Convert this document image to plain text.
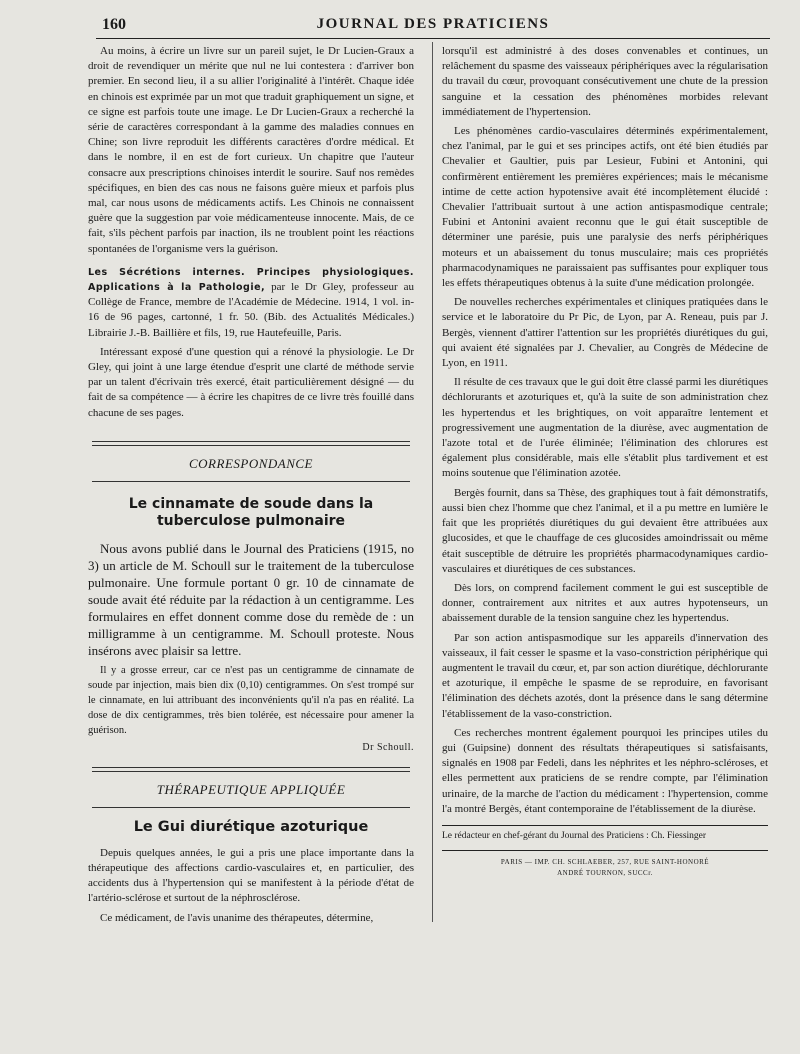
160	JOURNAL DES PRATICIENS

Au moins, à écrire un livre sur un pareil sujet, le Dr Lucien-Graux a droit de revendiquer un mérite que nul ne lui contestera : d'arriver bon premier. En second lieu, il a su allier l'originalité à l'intérêt. Chaque idée en chinois est exprimée par un mot que traduit graphiquement un signe, et ce signe est parfois toute une image. Le Dr Lucien-Graux a recherché la série de caractères correspondant à la gamme des maladies connues en Chine; son livre reproduit les différents caractères d'ordre médical. Et dans le nombre, il en est de fort curieux. Un chapitre que l'auteur consacre aux prescriptions chinoises interdit le sourire. Sauf nos remèdes spécifiques, en bien des cas nous ne faisons guère mieux et parfois plus mal, car nous usons de médicaments actifs. Les Chinois ne connaissent guère que la suggestion par voie médicamenteuse innocente. Mais, de ce fait, s'ils pèchent parfois par inaction, ils ne troublent point les réactions spontanées de l'organisme vers la guérison.

Les Sécrétions internes. Principes physiologiques. Applications à la Pathologie, par le Dr Gley, professeur au Collège de France, membre de l'Académie de Médecine. 1914, 1 vol. in-16 de 96 pages, cartonné, 1 fr. 50. (Bib. des Actualités Médicales.) Librairie J.-B. Baillière et fils, 19, rue Hautefeuille, Paris.

Intéressant exposé d'une question qui a rénové la physiologie. Le Dr Gley, qui joint à une large étendue d'esprit une clarté de méthode servie par un talent d'écrivain très exercé, était particulièrement désigné — du fait de sa compétence — à écrire les chapitres de ce livre très fouillé dans chacune de ses pages.

CORRESPONDANCE
Le cinnamate de soude dans la tuberculose pulmonaire

Nous avons publié dans le Journal des Praticiens (1915, no 3) un article de M. Schoull sur le traitement de la tuberculose pulmonaire. Une formule portant 0 gr. 10 de cinnamate de soude avait été réduite par la rédaction à un centigramme. Les formulaires en effet donnent comme dose du remède de : un milligramme à un centigramme. M. Schoull proteste. Nous insérons avec plaisir sa lettre.

Il y a grosse erreur, car ce n'est pas un centigramme de cinnamate de soude par injection, mais bien dix (0,10) centigrammes. On s'est trompé sur le cinnamate, en lui attribuant des inconvénients qu'il n'a pas en réalité. La dose de dix centigrammes, très bien tolérée, est nécessaire pour amener la guérison.

Dr Schoull.
THÉRAPEUTIQUE APPLIQUÉE
Le Gui diurétique azoturique

Depuis quelques années, le gui a pris une place importante dans la thérapeutique des affections cardio-vasculaires et, en particulier, des accidents dus à l'hypertension qui se manifestent à la période d'état de l'artério-sclérose et surtout de la néphrosclérose.

Ce médicament, de l'avis unanime des thérapeutes, détermine,

lorsqu'il est administré à des doses convenables et continues, un relâchement du spasme des vaisseaux périphériques avec la régularisation du travail du cœur, provoquant consécutivement une chute de la pression sanguine et la cessation des phénomènes morbides relevant immédiatement de l'hypertension.

Les phénomènes cardio-vasculaires déterminés expérimentalement, chez l'animal, par le gui et ses principes actifs, ont été bien étudiés par Chevalier et Gaultier, puis par Lesieur, Fubini et Antonini, qui confirmèrent entièrement les premières expériences; mais le mécanisme intime de cette action hypotensive avait été incomplètement élucidé : Chevalier l'attribuait surtout à une action antispasmodique centrale; Fubini et Antonini avaient reconnu que le gui était susceptible de déterminer une parésie, puis une paralysie des nerfs périphériques moteurs et un abaissement du tonus musculaire; mais ces propriétés pharmacodynamiques ne paraissaient pas suffisantes pour expliquer tous les effets thérapeutiques obtenus à la suite d'une médication prolongée.

De nouvelles recherches expérimentales et cliniques pratiquées dans le service et le laboratoire du Pr Pic, de Lyon, par A. Reneau, puis par J. Bergès, viennent d'attirer l'attention sur les propriétés diurétiques du gui, qui avaient été signalées par J. Chevalier, au Congrès de Médecine de Lyon, en 1911.

Il résulte de ces travaux que le gui doit être classé parmi les diurétiques déchlorurants et azoturiques et, qu'à la suite de son administration chez les hypertendus et les brightiques, on voit apparaître lentement et progressivement une augmentation de la diurèse, avec augmentation de l'azote total et de l'urée éliminée; l'élimination des chlorures est également plus considérable, mais elle s'établit plus tardivement et est moins soutenue que l'élimination azotée.

Bergès fournit, dans sa Thèse, des graphiques tout à fait démonstratifs, aussi bien chez l'homme que chez l'animal, et il a pu mettre en lumière le fait que les propriétés diurétiques du gui devaient être attribuées aux glucosides, et que le chauffage de ces glucosides amoindrissait ou même était susceptible de détruire les propriétés pharmacodynamiques cardio-vasculaires et diurétiques de ces substances.

Dès lors, on comprend facilement comment le gui est susceptible de donner, contrairement aux nitrites et aux autres hypotenseurs, un abaissement durable de la tension sanguine chez les hypertendus.

Par son action antispasmodique sur les appareils d'innervation des vaisseaux, il fait cesser le spasme et la vaso-constriction périphérique qui augmentent le travail du cœur, et, par son action diurétique, déchlorurante et azoturique, il empêche le spasme de se reproduire, en favorisant l'élimination des déchets azotés, dont la présence dans le sang détermine l'établissement de la vaso-constriction.

Ces recherches montrent également pourquoi les principes utiles du gui (Guipsine) donnent des résultats thérapeutiques si satisfaisants, signalés en 1908 par Fedeli, dans les néphrites et les néphro-scléroses, et elles permettent aux praticiens de se rendre compte, par l'élimination urinaire, de la marche de l'action du médicament : l'hypertension, comme l'a montré Bergès, étant contemporaine de l'établissement de la diurèse.

Le rédacteur en chef-gérant du Journal des Praticiens : Ch. Fiessinger

PARIS — IMP. CH. SCHLAEBER, 257, RUE SAINT-HONORÉ
ANDRÉ TOURNON, SUCCr.
